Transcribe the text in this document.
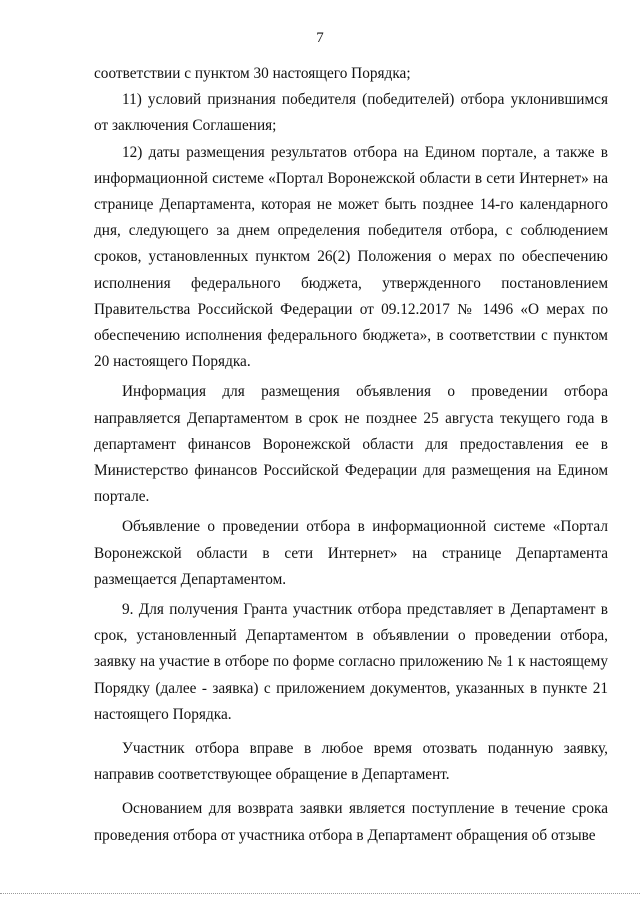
7

соответствии с пунктом 30 настоящего Порядка;

11) условий признания победителя (победителей) отбора уклонившимся от заключения Соглашения;

12) даты размещения результатов отбора на Едином портале, а также в информационной системе «Портал Воронежской области в сети Интернет» на странице Департамента, которая не может быть позднее 14-го календарного дня, следующего за днем определения победителя отбора, с соблюдением сроков, установленных пунктом 26(2) Положения о мерах по обеспечению исполнения федерального бюджета, утвержденного постановлением Правительства Российской Федерации от 09.12.2017 № 1496 «О мерах по обеспечению исполнения федерального бюджета», в соответствии с пунктом 20 настоящего Порядка.

Информация для размещения объявления о проведении отбора направляется Департаментом в срок не позднее 25 августа текущего года в департамент финансов Воронежской области для предоставления ее в Министерство финансов Российской Федерации для размещения на Едином портале.

Объявление о проведении отбора в информационной системе «Портал Воронежской области в сети Интернет» на странице Департамента размещается Департаментом.

9. Для получения Гранта участник отбора представляет в Департамент в срок, установленный Департаментом в объявлении о проведении отбора, заявку на участие в отборе по форме согласно приложению № 1 к настоящему Порядку (далее - заявка) с приложением документов, указанных в пункте 21 настоящего Порядка.

Участник отбора вправе в любое время отозвать поданную заявку, направив соответствующее обращение в Департамент.

Основанием для возврата заявки является поступление в течение срока проведения отбора от участника отбора в Департамент обращения об отзыве
